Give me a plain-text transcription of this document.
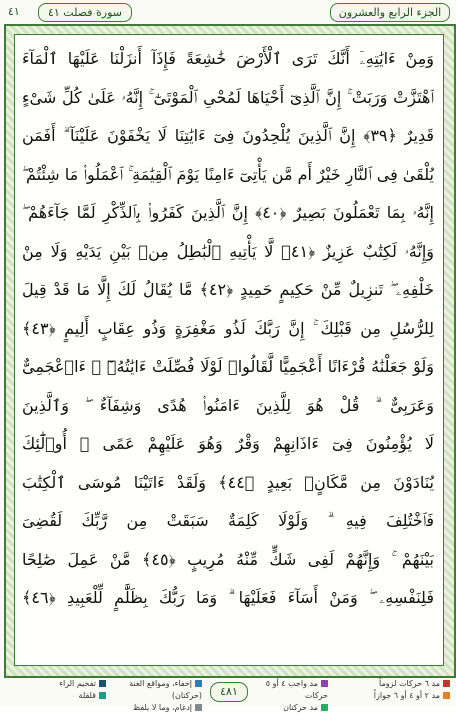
٤١	سورة فصلت ٤١	الجزء الرابع والعشرون
وَمِنْ ءَايَٰتِهِۦٓ أَنَّكَ تَرَى ٱلْأَرْضَ خَٰشِعَةً فَإِذَآ أَنزَلْنَا عَلَيْهَا ٱلْمَآءَ
ٱهْتَزَّتْ وَرَبَتْ ۚ إِنَّ ٱلَّذِىٓ أَحْيَاهَا لَمُحْىِ ٱلْمَوْتَىٰٓ ۚ إِنَّهُۥ عَلَىٰ كُلِّ شَىْءٍ
قَدِيرٌ ﴿٣٩﴾ إِنَّ ٱلَّذِينَ يُلْحِدُونَ فِىٓ ءَايَٰتِنَا لَا يَخْفَوْنَ عَلَيْنَآ ۗ أَفَمَن
يُلْقَىٰ فِى ٱلنَّارِ خَيْرٌ أَم مَّن يَأْتِىٓ ءَامِنًا يَوْمَ ٱلْقِيَٰمَةِ ۚ ٱعْمَلُوا۟ مَا شِئْتُمْ ۖ
إِنَّهُۥ بِمَا تَعْمَلُونَ بَصِيرٌ ﴿٤٠﴾ إِنَّ ٱلَّذِينَ كَفَرُوا۟ بِٱلذِّكْرِ لَمَّا جَآءَهُمْ ۖ
وَإِنَّهُۥ لَكِتَٰبٌ عَزِيزٌ ﴿٤١﴾ لَّا يَأْتِيهِ ٱلْبَٰطِلُ مِنۢ بَيْنِ يَدَيْهِ وَلَا مِنْ
خَلْفِهِۦ ۖ تَنزِيلٌ مِّنْ حَكِيمٍ حَمِيدٍ ﴿٤٢﴾ مَّا يُقَالُ لَكَ إِلَّا مَا قَدْ قِيلَ
لِلرُّسُلِ مِن قَبْلِكَ ۚ إِنَّ رَبَّكَ لَذُو مَغْفِرَةٍ وَذُو عِقَابٍ أَلِيمٍ ﴿٤٣﴾
وَلَوْ جَعَلْنَٰهُ قُرْءَانًا أَعْجَمِيًّا لَّقَالُوا۟ لَوْلَا فُصِّلَتْ ءَايَٰتُهُۥٓ ۖ ءَا۬عْجَمِىٌّ
وَعَرَبِىٌّ ۗ قُلْ هُوَ لِلَّذِينَ ءَامَنُوا۟ هُدًى وَشِفَآءٌ ۖ وَٱلَّذِينَ
لَا يُؤْمِنُونَ فِىٓ ءَاذَانِهِمْ وَقْرٌ وَهُوَ عَلَيْهِمْ عَمًى ۚ أُو۟لَٰٓئِكَ
يُنَادَوْنَ مِن مَّكَانٍۭ بَعِيدٍ ﴿٤٤﴾ وَلَقَدْ ءَاتَيْنَا مُوسَى ٱلْكِتَٰبَ
فَٱخْتُلِفَ فِيهِ ۗ وَلَوْلَا كَلِمَةٌ سَبَقَتْ مِن رَّبِّكَ لَقُضِىَ
بَيْنَهُمْ ۚ وَإِنَّهُمْ لَفِى شَكٍّ مِّنْهُ مُرِيبٍ ﴿٤٥﴾ مَّنْ عَمِلَ صَٰلِحًا
فَلِنَفْسِهِۦ ۖ وَمَنْ أَسَآءَ فَعَلَيْهَا ۗ وَمَا رَبُّكَ بِظَلَّٰمٍ لِّلْعَبِيدِ ﴿٤٦﴾
مد ٦ حركات لزوماً
مد ٢ أو ٤ أو ٦ جوازاً
مد واجب ٤ أو ٥ حركات
مد حركتان
٤٨١
إخفاء، ومواقع الغنة (حركتان)
إدغام، وما لا يلفظ
تفخيم الراء
قلقلة
